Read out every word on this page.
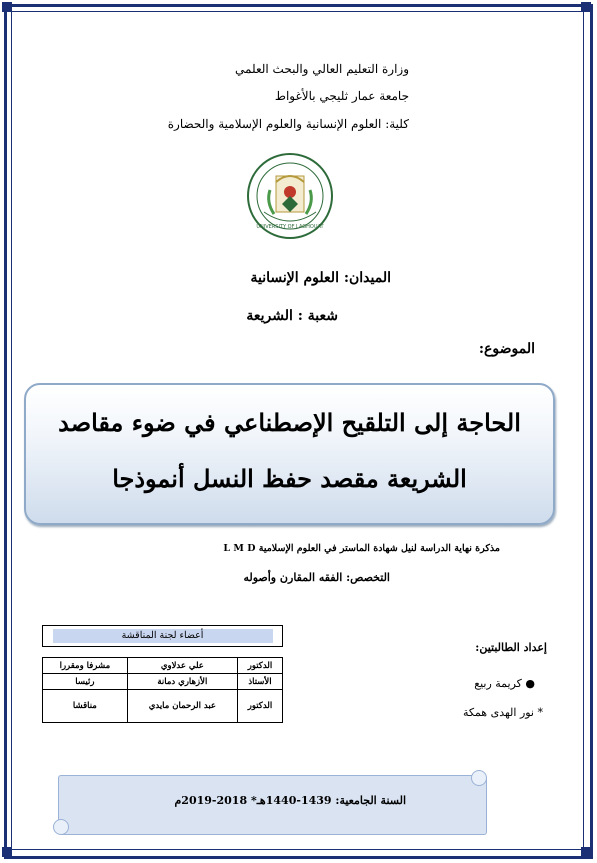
وزارة التعليم العالي والبحث العلمي
جامعة عمار ثليجي بالأغواط
كلية: العلوم الإنسانية والعلوم الإسلامية والحضارة
UNIVERSITY OF LAGHOUAT
الميدان: العلوم الإنسانية
شعبة : الشريعة
الموضوع:
الحاجة إلى التلقيح الإصطناعي في ضوء مقاصد
الشريعة مقصد حفظ النسل أنموذجا
مذكرة نهاية الدراسة لنيل شهادة الماستر في العلوم الإسلامية L M D
التخصص: الفقه المقارن وأصوله
أعضاء لجنة المناقشة
الدكتور	علي عدلاوي	مشرفا ومقررا
الأستاذ	الأزهاري دمانة	رئيسا
الدكتور	عبد الرحمان مايدي	مناقشا
إعداد الطالبتين:
● كريمة ربيع
* نور الهدى همكة
السنة الجامعية: 1439-1440هـ* 2018-2019م
